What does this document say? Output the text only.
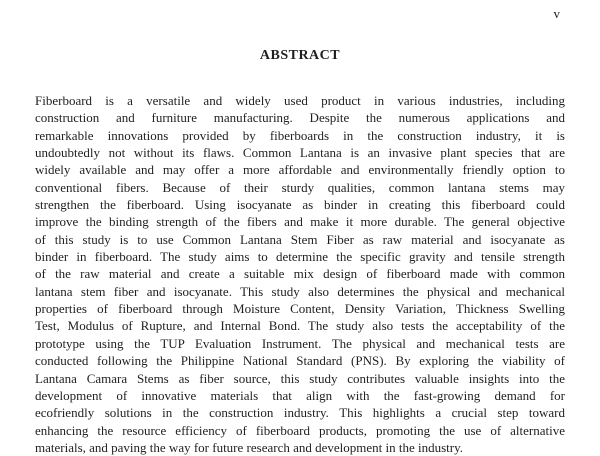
v
ABSTRACT
Fiberboard is a versatile and widely used product in various industries, including
construction and furniture manufacturing. Despite the numerous applications and
remarkable innovations provided by fiberboards in the construction industry, it is
undoubtedly not without its flaws. Common Lantana is an invasive plant species that are
widely available and may offer a more affordable and environmentally friendly option to
conventional fibers. Because of their sturdy qualities, common lantana stems may
strengthen the fiberboard. Using isocyanate as binder in creating this fiberboard could
improve the binding strength of the fibers and make it more durable. The general objective
of this study is to use Common Lantana Stem Fiber as raw material and isocyanate as
binder in fiberboard. The study aims to determine the specific gravity and tensile strength
of the raw material and create a suitable mix design of fiberboard made with common
lantana stem fiber and isocyanate. This study also determines the physical and mechanical
properties of fiberboard through Moisture Content, Density Variation, Thickness Swelling
Test, Modulus of Rupture, and Internal Bond. The study also tests the acceptability of the
prototype using the TUP Evaluation Instrument. The physical and mechanical tests are
conducted following the Philippine National Standard (PNS). By exploring the viability of
Lantana Camara Stems as fiber source, this study contributes valuable insights into the
development of innovative materials that align with the fast-growing demand for
ecofriendly solutions in the construction industry. This highlights a crucial step toward
enhancing the resource efficiency of fiberboard products, promoting the use of alternative
materials, and paving the way for future research and development in the industry.
